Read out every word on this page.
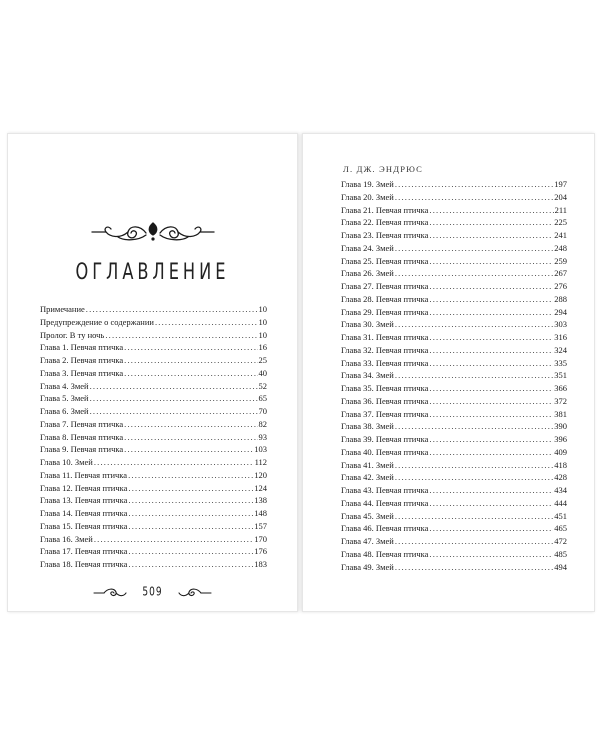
ОГЛАВЛЕНИЕ
Примечание .....	10
Предупреждение о содержании .....	10
Пролог. В ту ночь .....	10
Глава 1. Певчая птичка .....	16
Глава 2. Певчая птичка .....	25
Глава 3. Певчая птичка .....	40
Глава 4. Змей .....	52
Глава 5. Змей .....	65
Глава 6. Змей .....	70
Глава 7. Певчая птичка .....	82
Глава 8. Певчая птичка .....	93
Глава 9. Певчая птичка .....	103
Глава 10. Змей .....	112
Глава 11. Певчая птичка .....	120
Глава 12. Певчая птичка .....	124
Глава 13. Певчая птичка .....	138
Глава 14. Певчая птичка .....	148
Глава 15. Певчая птичка .....	157
Глава 16. Змей .....	170
Глава 17. Певчая птичка .....	176
Глава 18. Певчая птичка .....	183
509
Л. ДЖ. ЭНДРЮС
Глава 19. Змей .....	197
Глава 20. Змей .....	204
Глава 21. Певчая птичка .....	211
Глава 22. Певчая птичка .....	225
Глава 23. Певчая птичка .....	241
Глава 24. Змей .....	248
Глава 25. Певчая птичка .....	259
Глава 26. Змей .....	267
Глава 27. Певчая птичка .....	276
Глава 28. Певчая птичка .....	288
Глава 29. Певчая птичка .....	294
Глава 30. Змей .....	303
Глава 31. Певчая птичка .....	316
Глава 32. Певчая птичка .....	324
Глава 33. Певчая птичка .....	335
Глава 34. Змей .....	351
Глава 35. Певчая птичка .....	366
Глава 36. Певчая птичка .....	372
Глава 37. Певчая птичка .....	381
Глава 38. Змей .....	390
Глава 39. Певчая птичка .....	396
Глава 40. Певчая птичка .....	409
Глава 41. Змей .....	418
Глава 42. Змей .....	428
Глава 43. Певчая птичка .....	434
Глава 44. Певчая птичка .....	444
Глава 45. Змей .....	451
Глава 46. Певчая птичка .....	465
Глава 47. Змей .....	472
Глава 48. Певчая птичка .....	485
Глава 49. Змей .....	494
